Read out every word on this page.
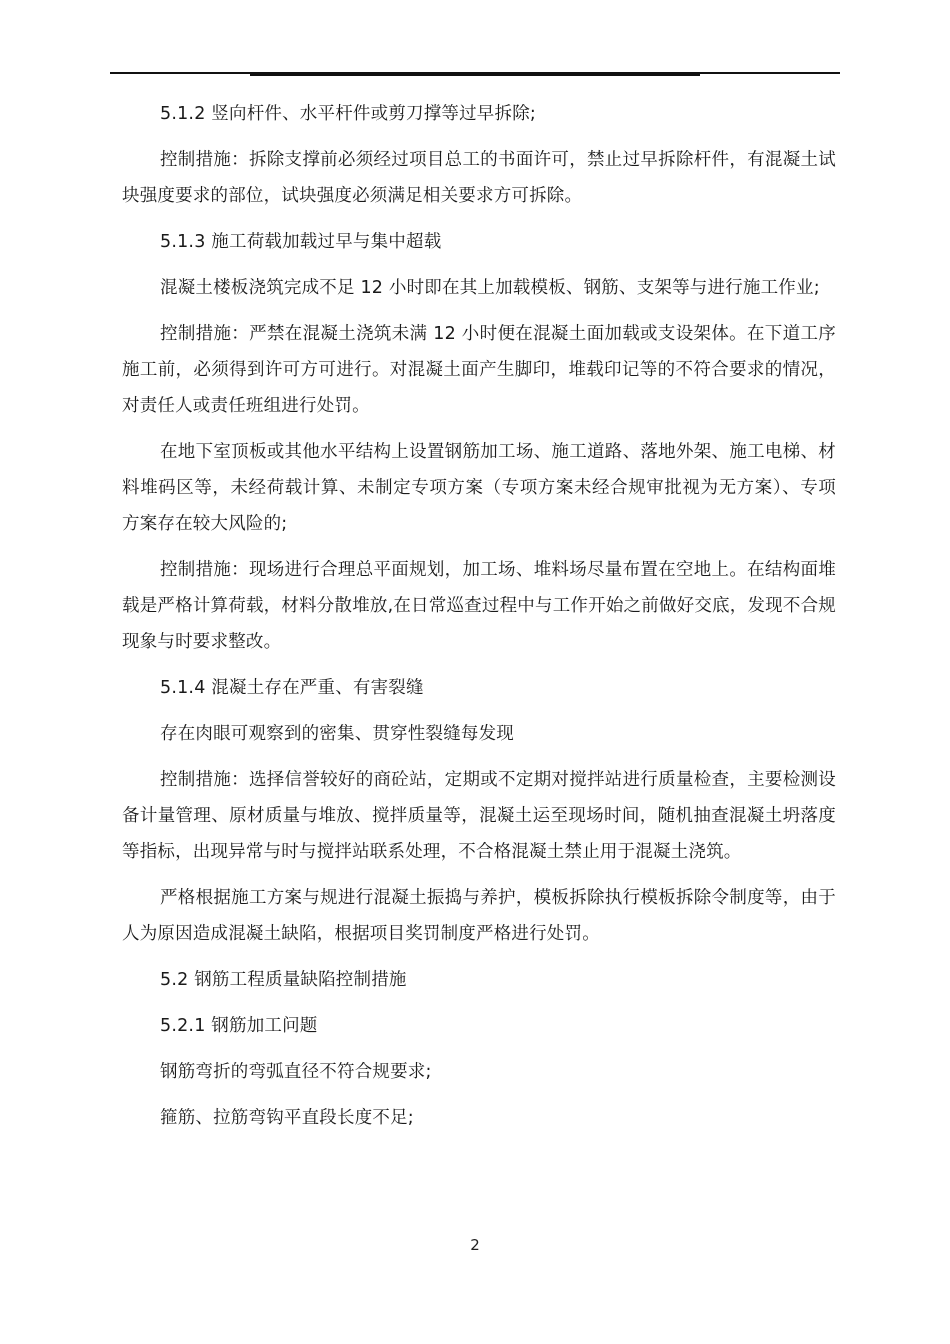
5.1.2 竖向杆件、水平杆件或剪刀撑等过早拆除;

控制措施：拆除支撑前必须经过项目总工的书面许可，禁止过早拆除杆件，有混凝土试块强度要求的部位，试块强度必须满足相关要求方可拆除。

5.1.3 施工荷载加载过早与集中超载

混凝土楼板浇筑完成不足 12 小时即在其上加载模板、钢筋、支架等与进行施工作业;

控制措施：严禁在混凝土浇筑未满 12 小时便在混凝土面加载或支设架体。在下道工序施工前，必须得到许可方可进行。对混凝土面产生脚印，堆载印记等的不符合要求的情况，对责任人或责任班组进行处罚。

在地下室顶板或其他水平结构上设置钢筋加工场、施工道路、落地外架、施工电梯、材料堆码区等，未经荷载计算、未制定专项方案（专项方案未经合规审批视为无方案）、专项方案存在较大风险的;

控制措施：现场进行合理总平面规划，加工场、堆料场尽量布置在空地上。在结构面堆载是严格计算荷载，材料分散堆放,在日常巡查过程中与工作开始之前做好交底，发现不合规现象与时要求整改。

5.1.4 混凝土存在严重、有害裂缝

存在肉眼可观察到的密集、贯穿性裂缝每发现

控制措施：选择信誉较好的商砼站，定期或不定期对搅拌站进行质量检查，主要检测设备计量管理、原材质量与堆放、搅拌质量等，混凝土运至现场时间，随机抽查混凝土坍落度等指标，出现异常与时与搅拌站联系处理，不合格混凝土禁止用于混凝土浇筑。

严格根据施工方案与规进行混凝土振捣与养护，模板拆除执行模板拆除令制度等，由于人为原因造成混凝土缺陷，根据项目奖罚制度严格进行处罚。

5.2 钢筋工程质量缺陷控制措施

5.2.1 钢筋加工问题

钢筋弯折的弯弧直径不符合规要求;

箍筋、拉筋弯钩平直段长度不足;

2
